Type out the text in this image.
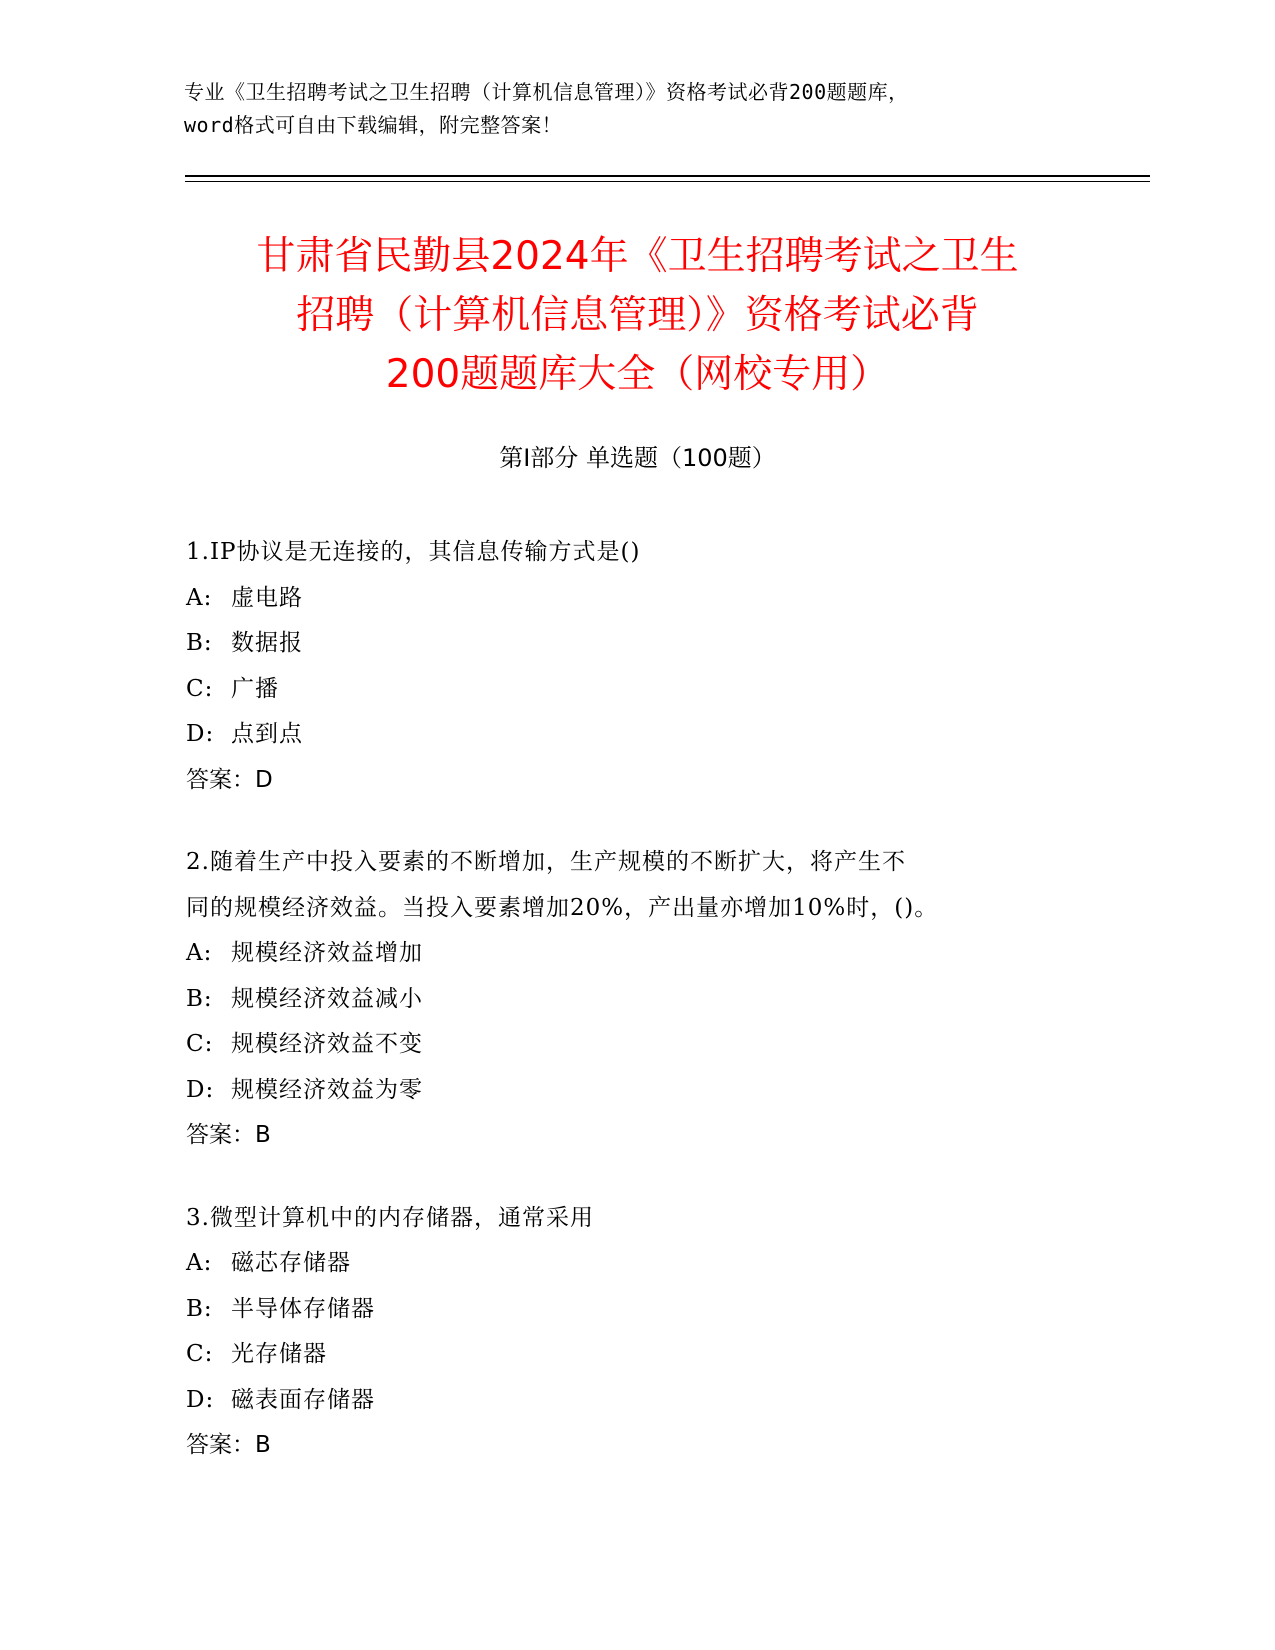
专业《卫生招聘考试之卫生招聘（计算机信息管理）》资格考试必背200题题库，
word格式可自由下载编辑，附完整答案！
甘肃省民勤县2024年《卫生招聘考试之卫生
招聘（计算机信息管理）》资格考试必背
200题题库大全（网校专用）
第Ⅰ部分 单选题（100题）
1.IP协议是无连接的，其信息传输方式是()
A: 虚电路
B: 数据报
C: 广播
D: 点到点
答案：D
2.随着生产中投入要素的不断增加，生产规模的不断扩大，将产生不
同的规模经济效益。当投入要素增加20%，产出量亦增加10%时，()。
A: 规模经济效益增加
B: 规模经济效益减小
C: 规模经济效益不变
D: 规模经济效益为零
答案：B
3.微型计算机中的内存储器，通常采用
A: 磁芯存储器
B: 半导体存储器
C: 光存储器
D: 磁表面存储器
答案：B
